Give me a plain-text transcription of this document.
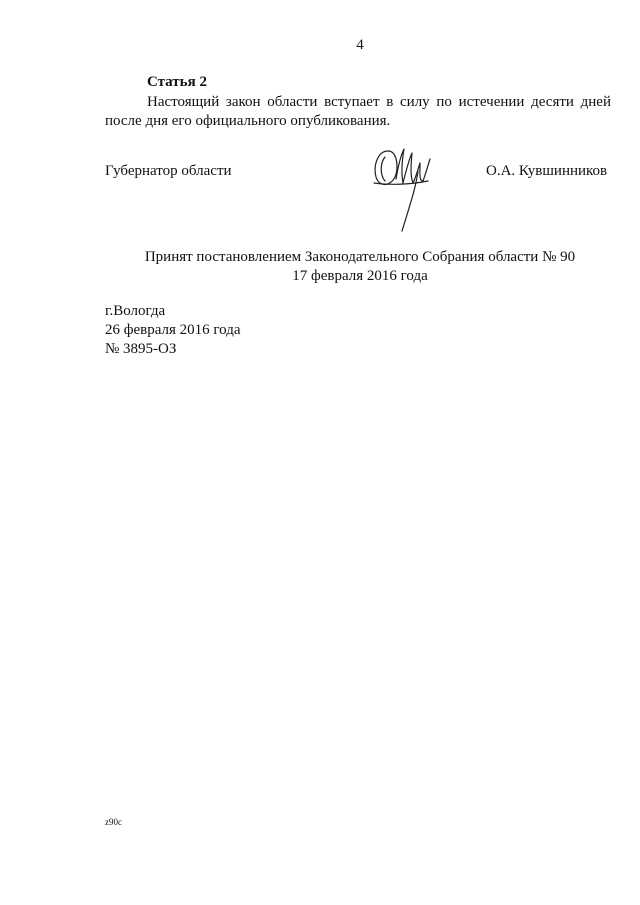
4
Статья 2
Настоящий закон области вступает в силу по истечении десяти дней
после дня его официального опубликования.
Губернатор области	О.А. Кувшинников
Принят постановлением Законодательного Собрания области № 90
17 февраля 2016 года
г.Вологда
26 февраля 2016 года
№ 3895-ОЗ
z90c
